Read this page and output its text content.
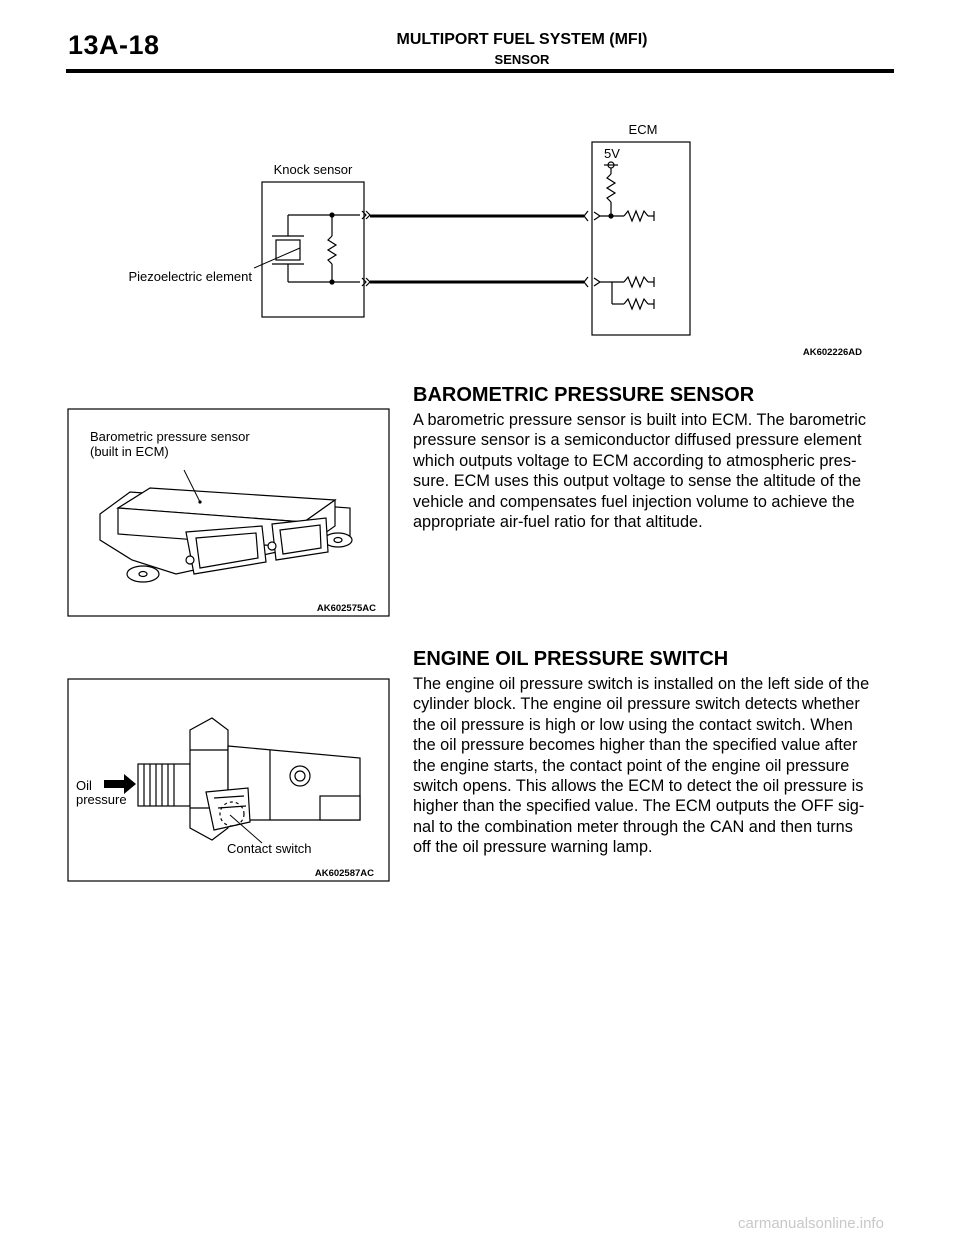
13A-18	MULTIPORT FUEL SYSTEM (MFI)
SENSOR
ECM
5V
Knock sensor
Piezoelectric element
AK602226AD
Barometric pressure sensor
(built in ECM)
AK602575AC
Oil
pressure
Contact switch
AK602587AC
BAROMETRIC PRESSURE SENSOR
A barometric pressure sensor is built into ECM. The barometric
pressure sensor is a semiconductor diffused pressure element
which outputs voltage to ECM according to atmospheric pres-
sure. ECM uses this output voltage to sense the altitude of the
vehicle and compensates fuel injection volume to achieve the
appropriate air-fuel ratio for that altitude.
ENGINE OIL PRESSURE SWITCH
The engine oil pressure switch is installed on the left side of the
cylinder block. The engine oil pressure switch detects whether
the oil pressure is high or low using the contact switch. When
the oil pressure becomes higher than the specified value after
the engine starts, the contact point of the engine oil pressure
switch opens. This allows the ECM to detect the oil pressure is
higher than the specified value. The ECM outputs the OFF sig-
nal to the combination meter through the CAN and then turns
off the oil pressure warning lamp.
carmanualsonline.info
